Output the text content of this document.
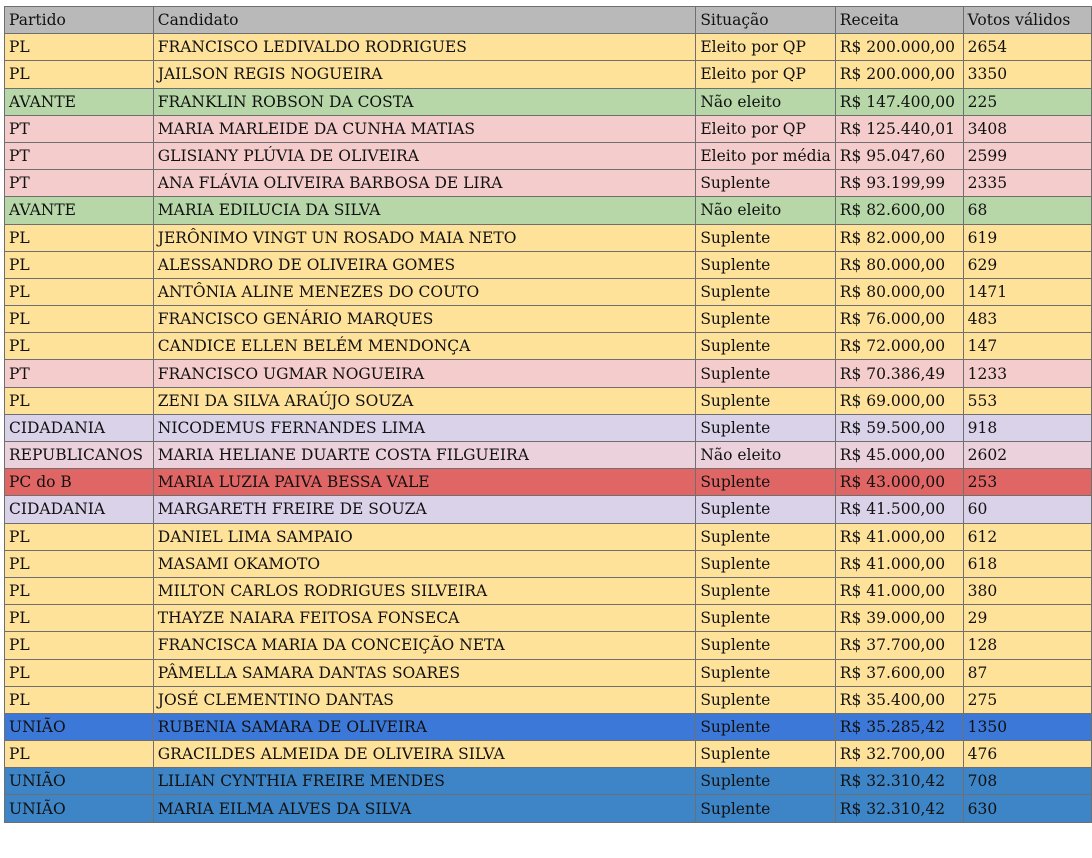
Partido	Candidato	Situação	Receita	Votos válidos
PL	FRANCISCO LEDIVALDO RODRIGUES	Eleito por QP	R$ 200.000,00	2654
PL	JAILSON REGIS NOGUEIRA	Eleito por QP	R$ 200.000,00	3350
AVANTE	FRANKLIN ROBSON DA COSTA	Não eleito	R$ 147.400,00	225
PT	MARIA MARLEIDE DA CUNHA MATIAS	Eleito por QP	R$ 125.440,01	3408
PT	GLISIANY PLÚVIA DE OLIVEIRA	Eleito por média	R$ 95.047,60	2599
PT	ANA FLÁVIA OLIVEIRA BARBOSA DE LIRA	Suplente	R$ 93.199,99	2335
AVANTE	MARIA EDILUCIA DA SILVA	Não eleito	R$ 82.600,00	68
PL	JERÔNIMO VINGT UN ROSADO MAIA NETO	Suplente	R$ 82.000,00	619
PL	ALESSANDRO DE OLIVEIRA GOMES	Suplente	R$ 80.000,00	629
PL	ANTÔNIA ALINE MENEZES DO COUTO	Suplente	R$ 80.000,00	1471
PL	FRANCISCO GENÁRIO MARQUES	Suplente	R$ 76.000,00	483
PL	CANDICE ELLEN BELÉM MENDONÇA	Suplente	R$ 72.000,00	147
PT	FRANCISCO UGMAR NOGUEIRA	Suplente	R$ 70.386,49	1233
PL	ZENI DA SILVA ARAÚJO SOUZA	Suplente	R$ 69.000,00	553
CIDADANIA	NICODEMUS FERNANDES LIMA	Suplente	R$ 59.500,00	918
REPUBLICANOS	MARIA HELIANE DUARTE COSTA FILGUEIRA	Não eleito	R$ 45.000,00	2602
PC do B	MARIA LUZIA PAIVA BESSA VALE	Suplente	R$ 43.000,00	253
CIDADANIA	MARGARETH FREIRE DE SOUZA	Suplente	R$ 41.500,00	60
PL	DANIEL LIMA SAMPAIO	Suplente	R$ 41.000,00	612
PL	MASAMI OKAMOTO	Suplente	R$ 41.000,00	618
PL	MILTON CARLOS RODRIGUES SILVEIRA	Suplente	R$ 41.000,00	380
PL	THAYZE NAIARA FEITOSA FONSECA	Suplente	R$ 39.000,00	29
PL	FRANCISCA MARIA DA CONCEIÇÃO NETA	Suplente	R$ 37.700,00	128
PL	PÂMELLA SAMARA DANTAS SOARES	Suplente	R$ 37.600,00	87
PL	JOSÉ CLEMENTINO DANTAS	Suplente	R$ 35.400,00	275
UNIÃO	RUBENIA SAMARA DE OLIVEIRA	Suplente	R$ 35.285,42	1350
PL	GRACILDES ALMEIDA DE OLIVEIRA SILVA	Suplente	R$ 32.700,00	476
UNIÃO	LILIAN CYNTHIA FREIRE MENDES	Suplente	R$ 32.310,42	708
UNIÃO	MARIA EILMA ALVES DA SILVA	Suplente	R$ 32.310,42	630
